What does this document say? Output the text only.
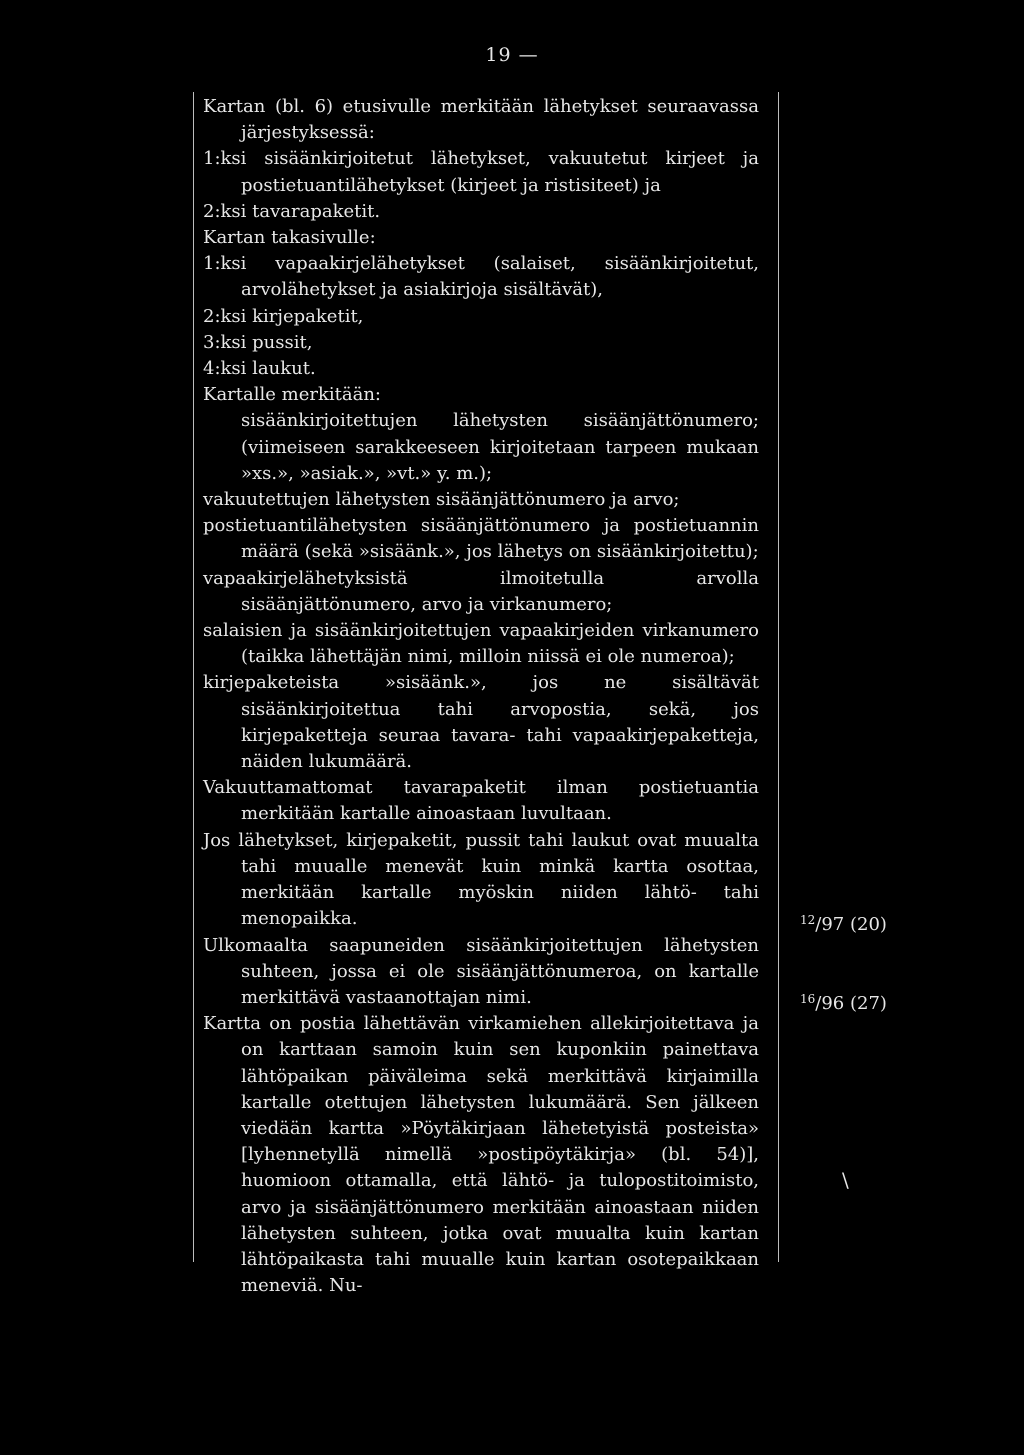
19 —

Kartan (bl. 6) etusivulle merkitään lähetykset seuraavassa järjestyksessä:

1:ksi sisäänkirjoitetut lähetykset, vakuutetut kirjeet ja postietuantilähetykset (kirjeet ja ristisiteet) ja

2:ksi tavarapaketit.

Kartan takasivulle:

1:ksi vapaakirjelähetykset (salaiset, sisäänkirjoitetut, arvolähetykset ja asiakirjoja sisältävät),

2:ksi kirjepaketit,

3:ksi pussit,

4:ksi laukut.

Kartalle merkitään:

sisäänkirjoitettujen lähetysten sisäänjättönumero; (viimeiseen sarakkeeseen kirjoitetaan tarpeen mukaan »xs.», »asiak.», »vt.» y. m.);

vakuutettujen lähetysten sisäänjättönumero ja arvo;

postietuantilähetysten sisäänjättönumero ja postietuannin määrä (sekä »sisäänk.», jos lähetys on sisäänkirjoitettu);

vapaakirjelähetyksistä ilmoitetulla arvolla sisäänjättönumero, arvo ja virkanumero;

salaisien ja sisäänkirjoitettujen vapaakirjeiden virkanumero (taikka lähettäjän nimi, milloin niissä ei ole numeroa);

kirjepaketeista »sisäänk.», jos ne sisältävät sisäänkirjoitettua tahi arvopostia, sekä, jos kirjepaketteja seuraa tavara- tahi vapaakirjepaketteja, näiden lukumäärä.

Vakuuttamattomat tavarapaketit ilman postietuantia merkitään kartalle ainoastaan luvultaan.

Jos lähetykset, kirjepaketit, pussit tahi laukut ovat muualta tahi muualle menevät kuin minkä kartta osottaa, merkitään kartalle myöskin niiden lähtö- tahi menopaikka.

Ulkomaalta saapuneiden sisäänkirjoitettujen lähetysten suhteen, jossa ei ole sisäänjättönumeroa, on kartalle merkittävä vastaanottajan nimi.

Kartta on postia lähettävän virkamiehen allekirjoitettava ja on karttaan samoin kuin sen kuponkiin painettava lähtöpaikan päiväleima sekä merkittävä kirjaimilla kartalle otettujen lähetysten lukumäärä. Sen jälkeen viedään kartta »Pöytäkirjaan lähetetyistä posteista» [lyhennetyllä nimellä »postipöytäkirja» (bl. 54)], huomioon ottamalla, että lähtö- ja tulopostitoimisto, arvo ja sisäänjättönumero merkitään ainoastaan niiden lähetysten suhteen, jotka ovat muualta kuin kartan lähtöpaikasta tahi muualle kuin kartan osotepaikkaan meneviä. Nu-

$^{12}$/97 (20)
$^{16}$/96 (27)
\
